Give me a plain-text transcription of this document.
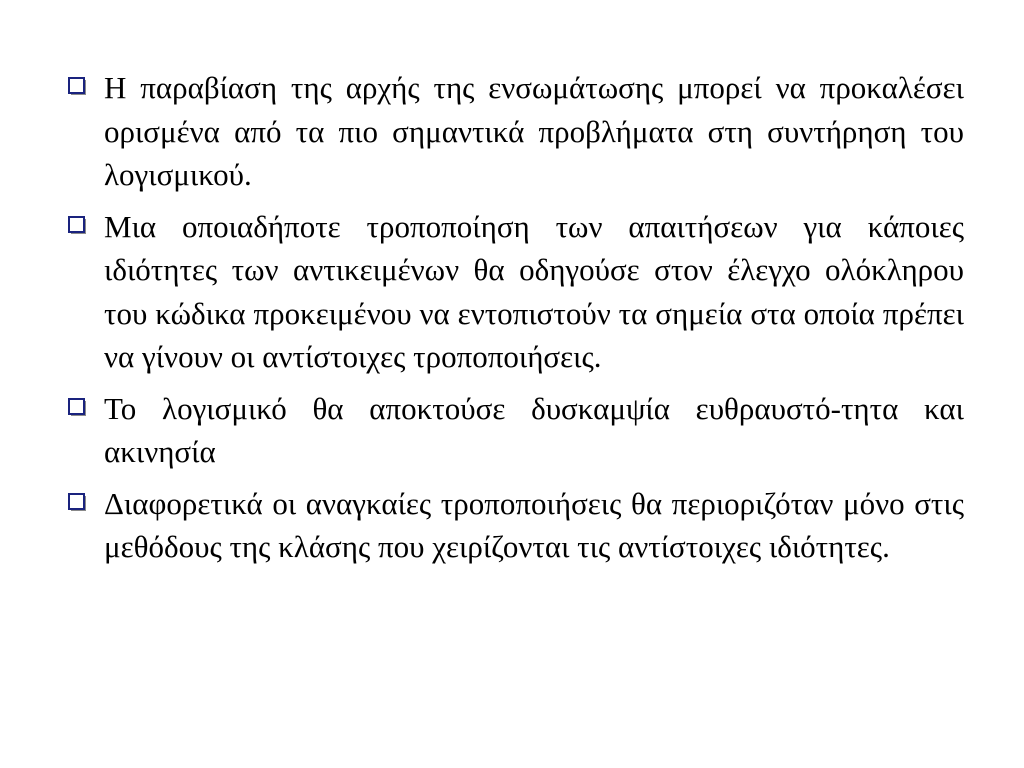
Η παραβίαση της αρχής της ενσωμάτωσης μπορεί να προκαλέσει ορισμένα από τα πιο σημαντικά προβλήματα στη συντήρηση του λογισμικού.
Μια οποιαδήποτε τροποποίηση των απαιτήσεων για κάποιες ιδιότητες των αντικειμένων θα οδηγούσε στον έλεγχο ολόκληρου του κώδικα προκειμένου να εντοπιστούν τα σημεία στα οποία πρέπει να γίνουν οι αντίστοιχες τροποποιήσεις.
Το λογισμικό θα αποκτούσε δυσκαμψία ευθραυστό-τητα και ακινησία
Διαφορετικά οι αναγκαίες τροποποιήσεις θα περιοριζόταν μόνο στις μεθόδους της κλάσης που χειρίζονται τις αντίστοιχες ιδιότητες.
